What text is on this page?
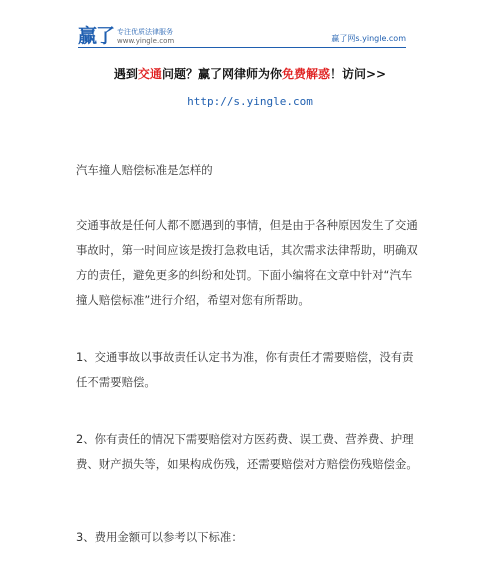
赢了 专注优质法律服务
www.yingle.com	赢了网s.yingle.com
遇到交通问题？赢了网律师为你免费解惑！访问>>
http://s.yingle.com

汽车撞人赔偿标准是怎样的

交通事故是任何人都不愿遇到的事情，但是由于各种原因发生了交通事故时，第一时间应该是拨打急救电话，其次需求法律帮助，明确双方的责任，避免更多的纠纷和处罚。下面小编将在文章中针对“汽车撞人赔偿标准”进行介绍，希望对您有所帮助。

1、交通事故以事故责任认定书为准，你有责任才需要赔偿，没有责任不需要赔偿。

2、你有责任的情况下需要赔偿对方医药费、误工费、营养费、护理费、财产损失等，如果构成伤残，还需要赔偿对方赔偿伤残赔偿金。

3、费用金额可以参考以下标准：
